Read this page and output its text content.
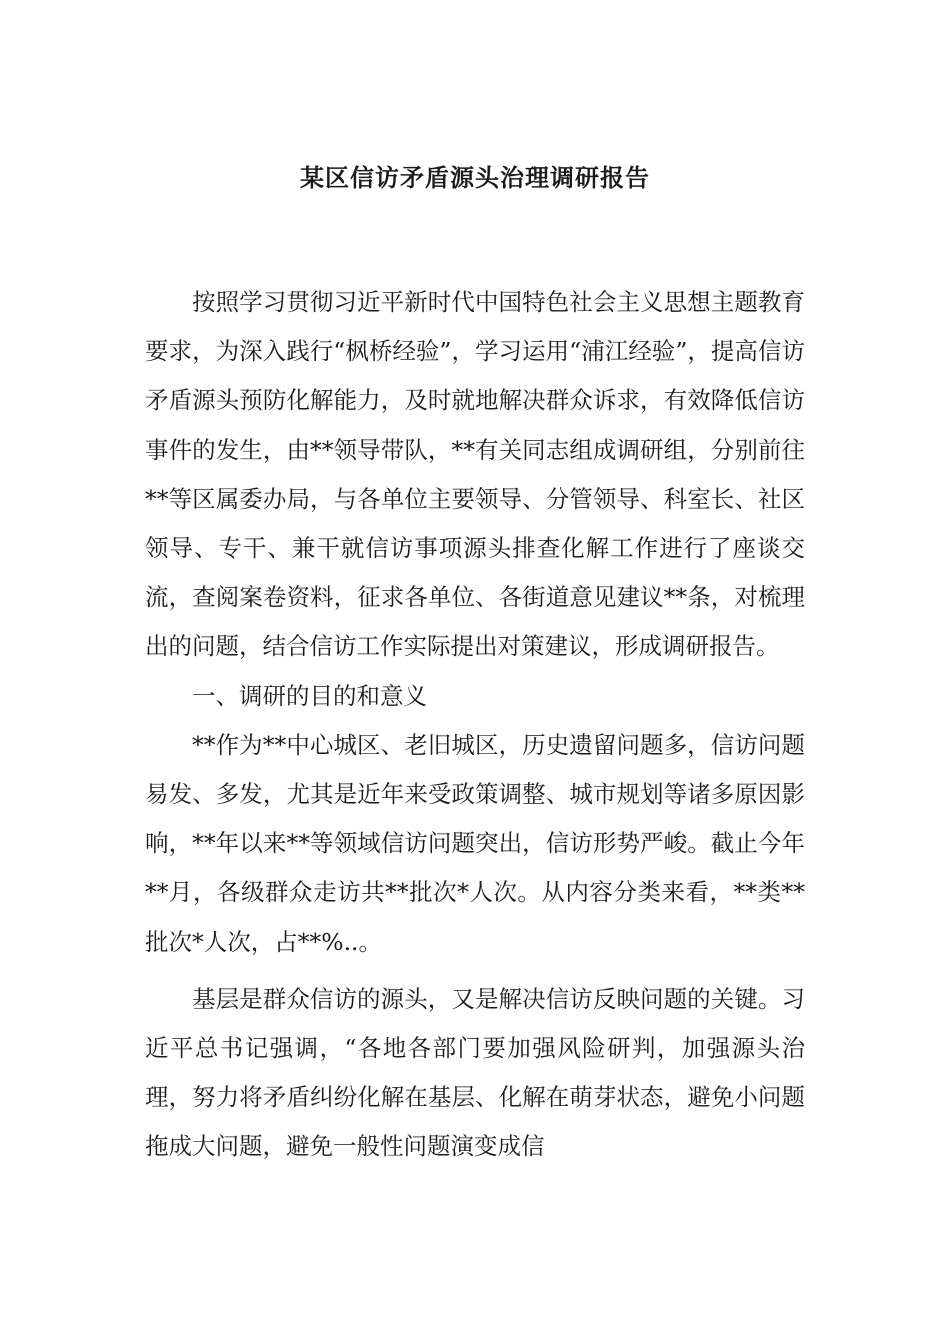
某区信访矛盾源头治理调研报告

按照学习贯彻习近平新时代中国特色社会主义思想主题教育要求，为深入践行“枫桥经验”，学习运用“浦江经验”，提高信访矛盾源头预防化解能力，及时就地解决群众诉求，有效降低信访事件的发生，由**领导带队，**有关同志组成调研组，分别前往**等区属委办局，与各单位主要领导、分管领导、科室长、社区领导、专干、兼干就信访事项源头排查化解工作进行了座谈交流，查阅案卷资料，征求各单位、各街道意见建议**条，对梳理出的问题，结合信访工作实际提出对策建议，形成调研报告。

一、调研的目的和意义

**作为**中心城区、老旧城区，历史遗留问题多，信访问题易发、多发，尤其是近年来受政策调整、城市规划等诸多原因影响，**年以来**等领域信访问题突出，信访形势严峻。截止今年**月，各级群众走访共**批次*人次。从内容分类来看，**类**批次*人次，占**%..。

基层是群众信访的源头，又是解决信访反映问题的关键。习近平总书记强调，“各地各部门要加强风险研判，加强源头治理，努力将矛盾纠纷化解在基层、化解在萌芽状态，避免小问题拖成大问题，避免一般性问题演变成信
